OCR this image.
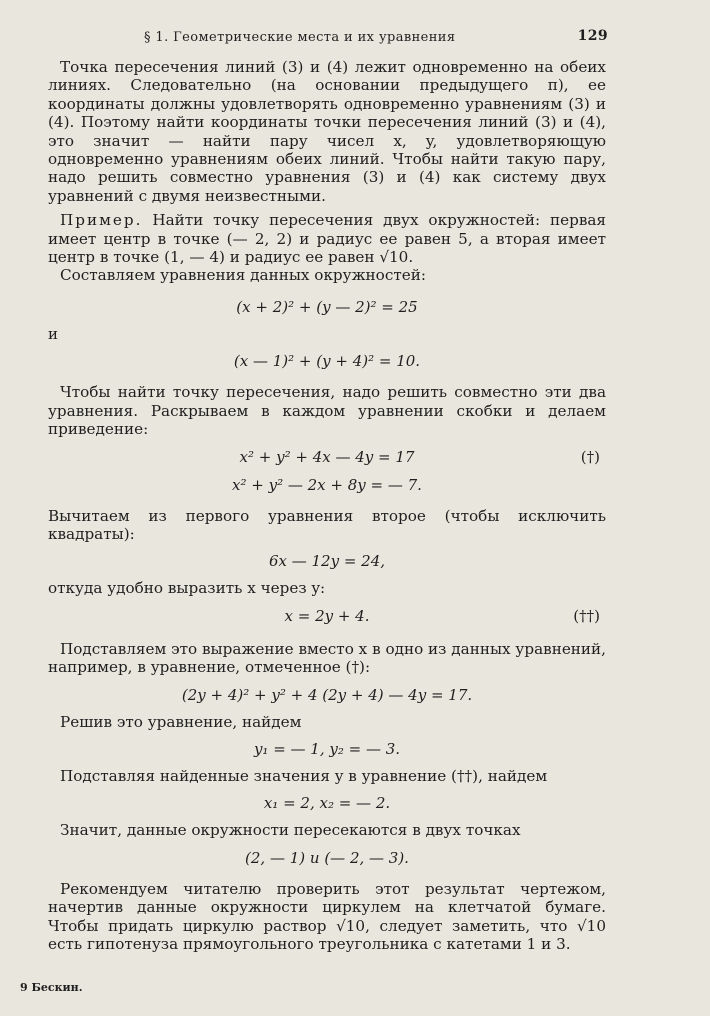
§ 1. Геометрические места и их уравнения	129

Точка пересечения линий (3) и (4) лежит одновременно на обеих линиях. Следовательно (на основании предыдущего п), ее координаты должны удовлетворять одновременно уравнениям (3) и (4). Поэтому найти координаты точки пересечения линий (3) и (4), это значит — найти пару чисел x, y, удовлетворяющую одновременно уравнениям обеих линий. Чтобы найти такую пару, надо решить совместно уравнения (3) и (4) как систему двух уравнений с двумя неизвестными.

Пример. Найти точку пересечения двух окружностей: первая имеет центр в точке (— 2, 2) и радиус ее равен 5, а вторая имеет центр в точке (1, — 4) и радиус ее равен √10.

Составляем уравнения данных окружностей:

(x + 2)² + (y — 2)² = 25

и

(x — 1)² + (y + 4)² = 10.

Чтобы найти точку пересечения, надо решить совместно эти два уравнения. Раскрываем в каждом уравнении скобки и делаем приведение:

x² + y² + 4x — 4y = 17	(†)
x² + y² — 2x + 8y = — 7.

Вычитаем из первого уравнения второе (чтобы исключить квадраты):

6x — 12y = 24,

откуда удобно выразить x через y:

x = 2y + 4.	(††)

Подставляем это выражение вместо x в одно из данных уравнений, например, в уравнение, отмеченное (†):

(2y + 4)² + y² + 4 (2y + 4) — 4y = 17.

Решив это уравнение, найдем

y₁ = — 1, y₂ = — 3.

Подставляя найденные значения y в уравнение (††), найдем

x₁ = 2, x₂ = — 2.

Значит, данные окружности пересекаются в двух точках

(2, — 1) и (— 2, — 3).

Рекомендуем читателю проверить этот результат чертежом, начертив данные окружности циркулем на клетчатой бумаге. Чтобы придать циркулю раствор √10, следует заметить, что √10 есть гипотенуза прямоугольного треугольника с катетами 1 и 3.

9 Бескин.
